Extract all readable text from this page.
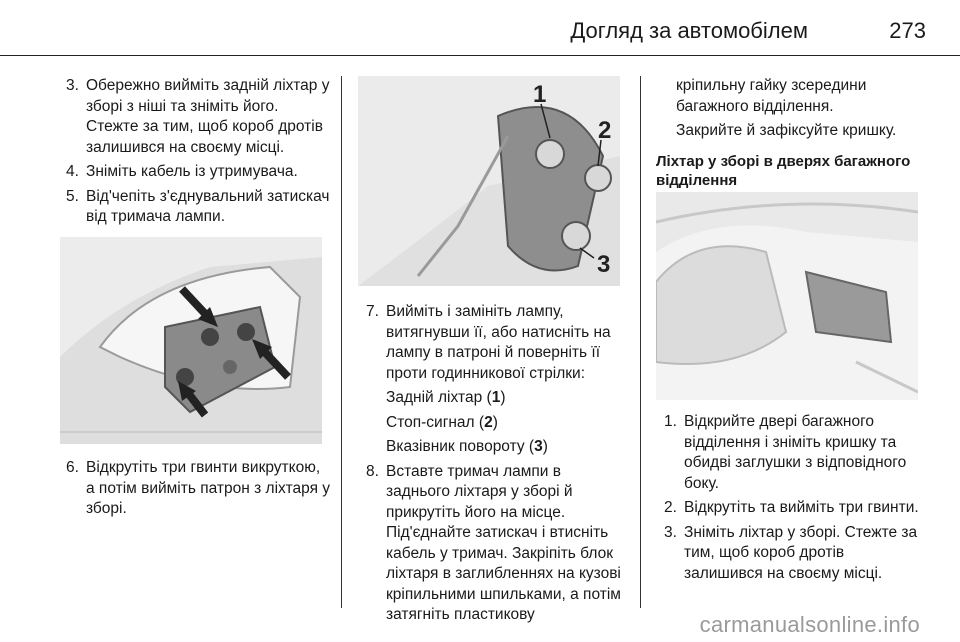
Догляд за автомобілем	273
3. Обережно вийміть задній ліхтар у зборі з ніші та зніміть його. Стежте за тим, щоб короб дротів залишився на своєму місці.
4. Зніміть кабель із утримувача.
5. Від'чепіть з'єднувальний затискач від тримача лампи.
6. Відкрутіть три гвинти викруткою, а потім вийміть патрон з ліхтаря у зборі.
1
2
3
7. Вийміть і замініть лампу, витягнувши її, або натисніть на лампу в патроні й поверніть її проти годинникової стрілки:
Задній ліхтар (1)
Стоп-сигнал (2)
Вказівник повороту (3)
8. Вставте тримач лампи в заднього ліхтаря у зборі й прикрутіть його на місце. Під'єднайте затискач і втисніть кабель у тримач. Закріпіть блок ліхтаря в заглибленнях на кузові кріпильними шпильками, а потім затягніть пластикову
кріпильну гайку зсередини багажного відділення.
Закрийте й зафіксуйте кришку.
Ліхтар у зборі в дверях багажного відділення
1. Відкрийте двері багажного відділення і зніміть кришку та обидві заглушки з відповідного боку.
2. Відкрутіть та вийміть три гвинти.
3. Зніміть ліхтар у зборі. Стежте за тим, щоб короб дротів залишився на своєму місці.
carmanualsonline.info
